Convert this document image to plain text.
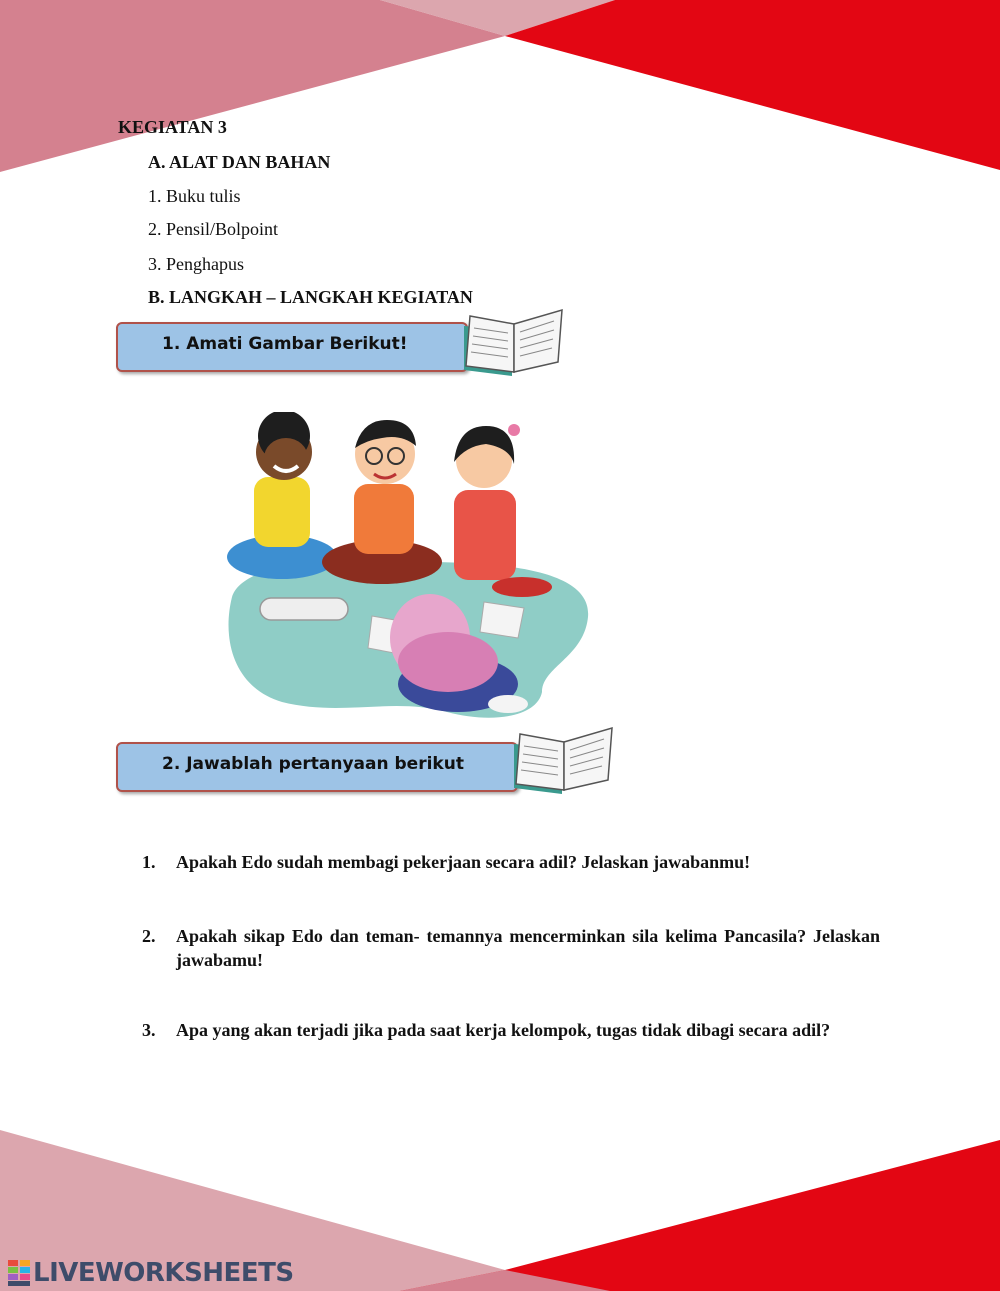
KEGIATAN 3
A. ALAT DAN BAHAN
1. Buku tulis
2. Pensil/Bolpoint
3. Penghapus
B. LANGKAH – LANGKAH KEGIATAN
1. Amati Gambar Berikut!
2. Jawablah pertanyaan berikut
1. Apakah Edo sudah membagi pekerjaan secara adil? Jelaskan jawabanmu!
2. Apakah sikap Edo dan teman- temannya mencerminkan sila kelima Pancasila? Jelaskan jawabamu!
3. Apa yang akan terjadi jika pada saat kerja kelompok, tugas tidak dibagi secara adil?
LIVEWORKSHEETS
